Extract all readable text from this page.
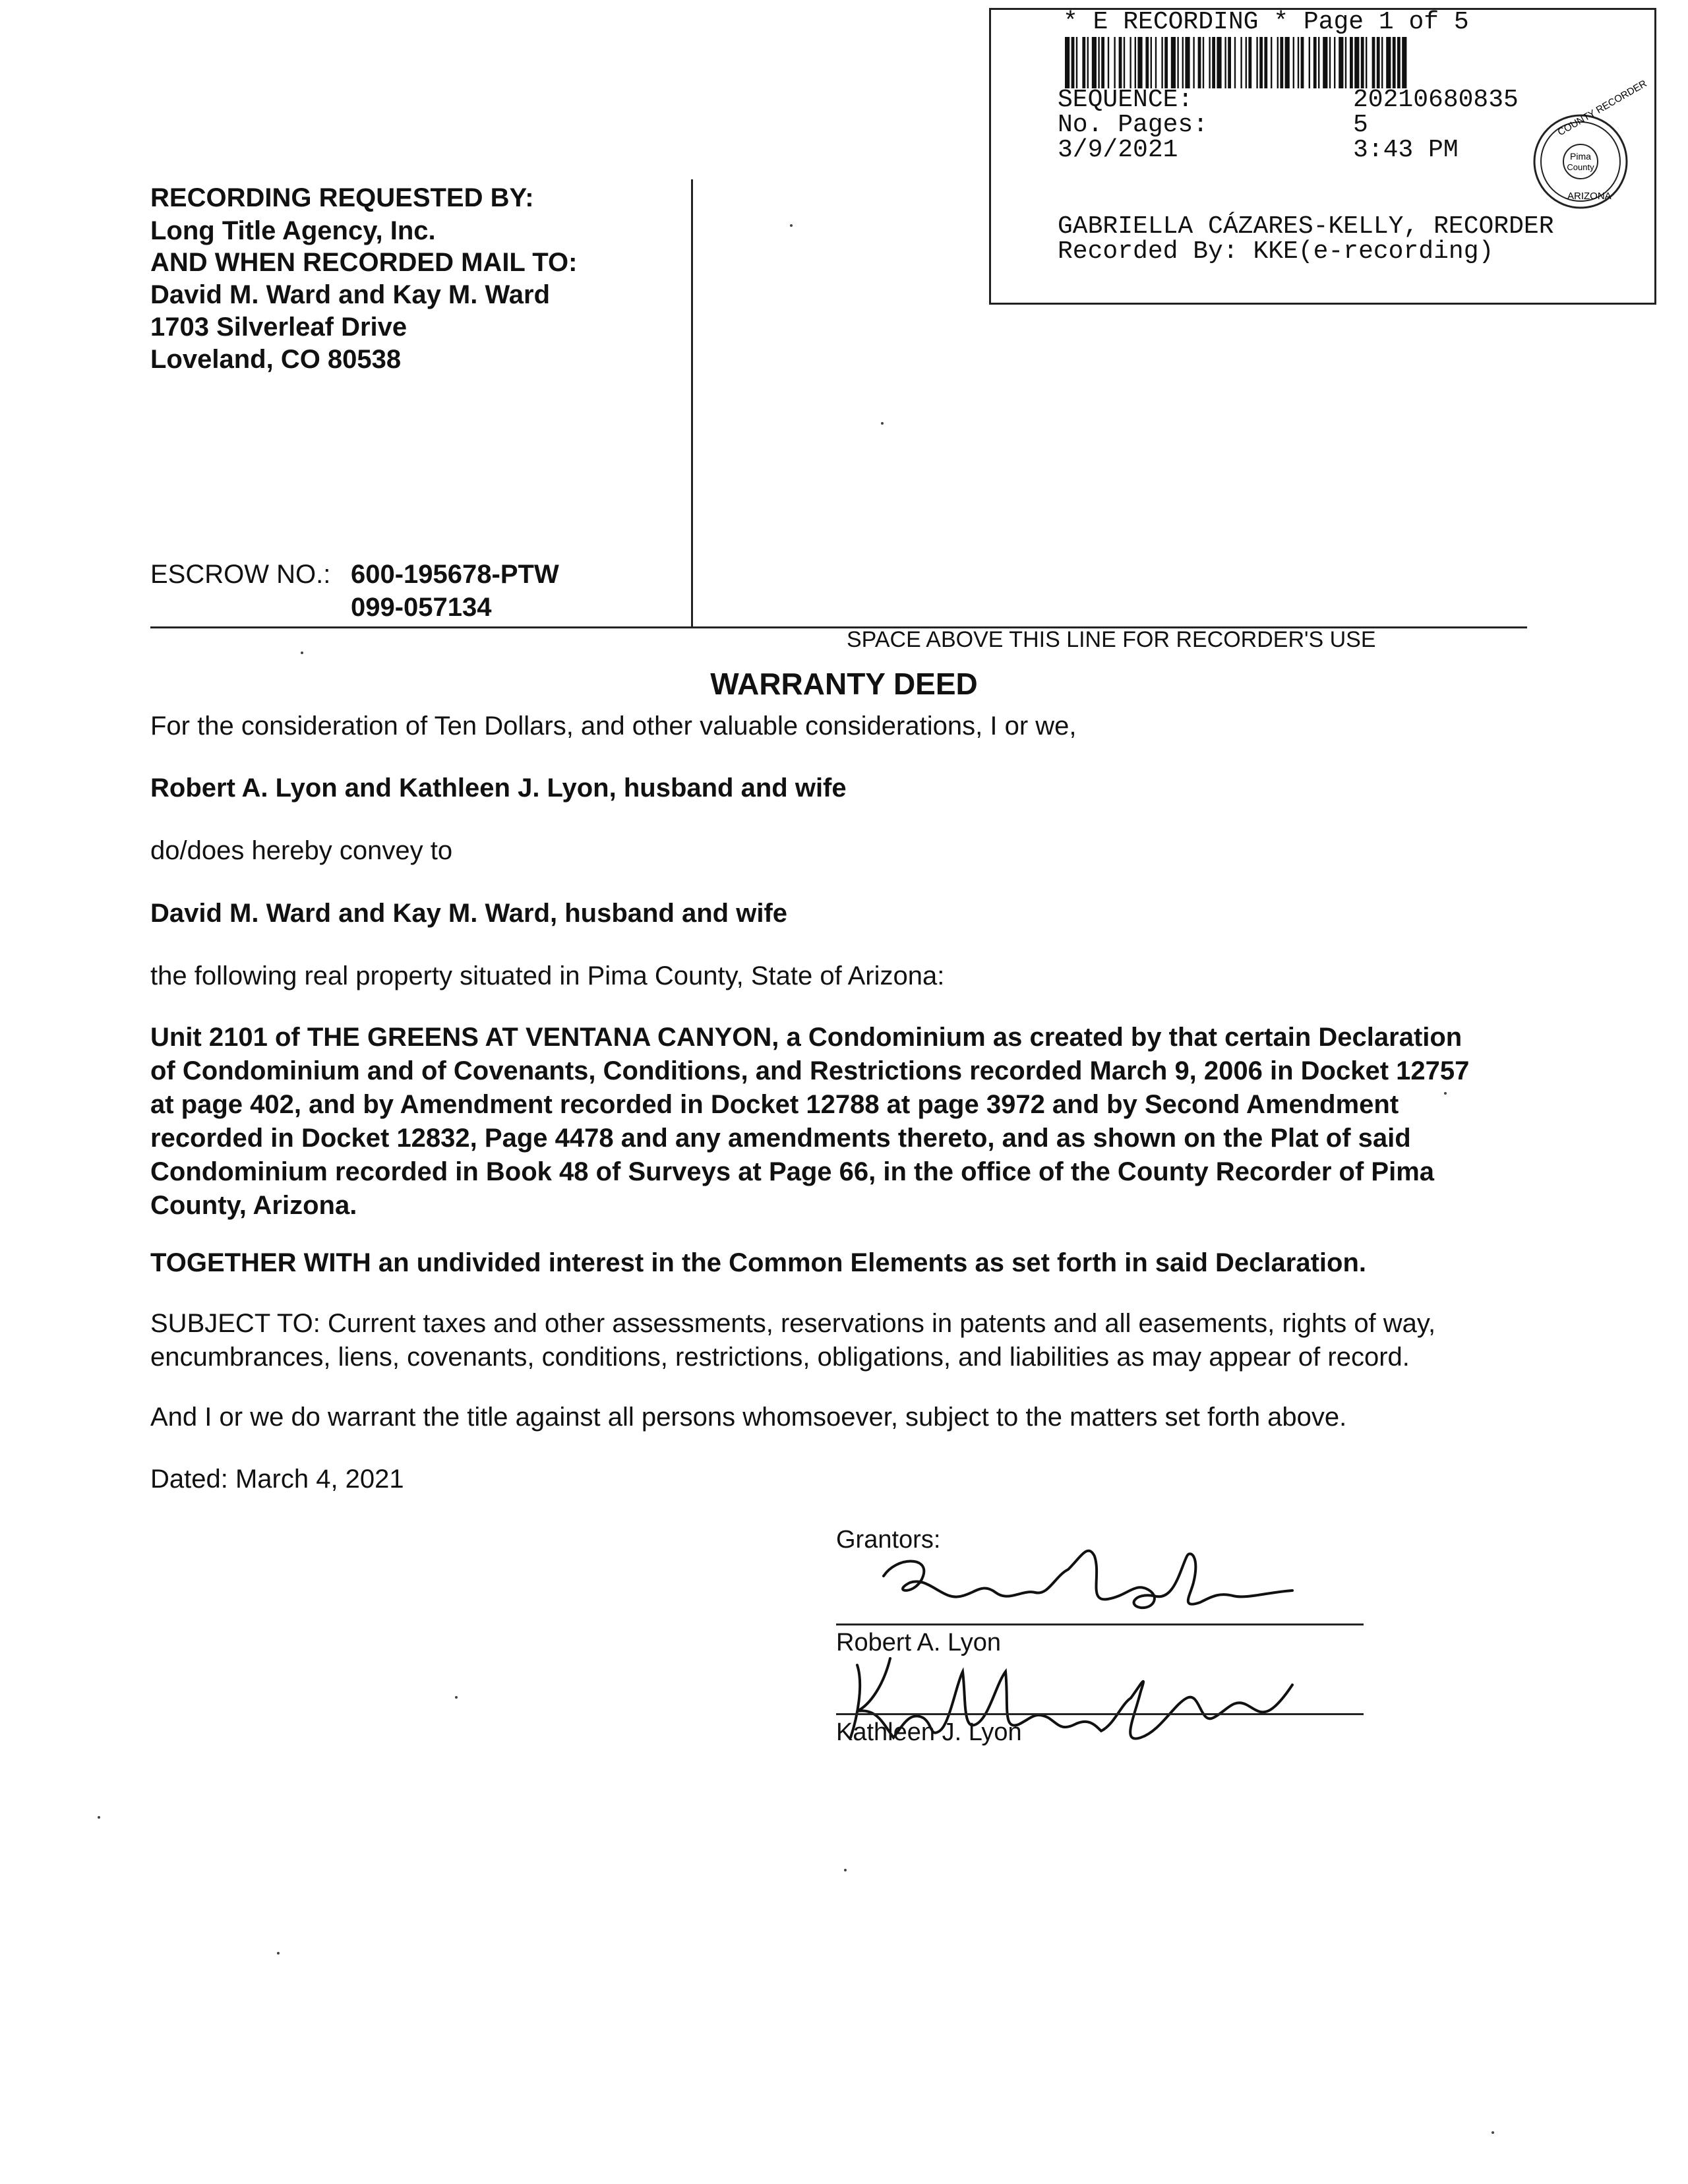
* E RECORDING * Page 1 of 5
SEQUENCE:	20210680835
No. Pages:	5
3/9/2021	3:43 PM
GABRIELLA CÁZARES-KELLY, RECORDER
Recorded By: KKE(e-recording)
Pima
County
COUNTY RECORDER
ARIZONA
RECORDING REQUESTED BY:
Long Title Agency, Inc.
AND WHEN RECORDED MAIL TO:
David M. Ward and Kay M. Ward
1703 Silverleaf Drive
Loveland, CO 80538
ESCROW NO.: 600-195678-PTW
099-057134
SPACE ABOVE THIS LINE FOR RECORDER'S USE
WARRANTY DEED
For the consideration of Ten Dollars, and other valuable considerations, I or we,
Robert A. Lyon and Kathleen J. Lyon, husband and wife
do/does hereby convey to
David M. Ward and Kay M. Ward, husband and wife
the following real property situated in Pima County, State of Arizona:
Unit 2101 of THE GREENS AT VENTANA CANYON, a Condominium as created by that certain Declaration
of Condominium and of Covenants, Conditions, and Restrictions recorded March 9, 2006 in Docket 12757
at page 402, and by Amendment recorded in Docket 12788 at page 3972 and by Second Amendment
recorded in Docket 12832, Page 4478 and any amendments thereto, and as shown on the Plat of said
Condominium recorded in Book 48 of Surveys at Page 66, in the office of the County Recorder of Pima
County, Arizona.
TOGETHER WITH an undivided interest in the Common Elements as set forth in said Declaration.
SUBJECT TO: Current taxes and other assessments, reservations in patents and all easements, rights of way,
encumbrances, liens, covenants, conditions, restrictions, obligations, and liabilities as may appear of record.
And I or we do warrant the title against all persons whomsoever, subject to the matters set forth above.
Dated: March 4, 2021
Grantors:
Robert A. Lyon
Kathleen J. Lyon
